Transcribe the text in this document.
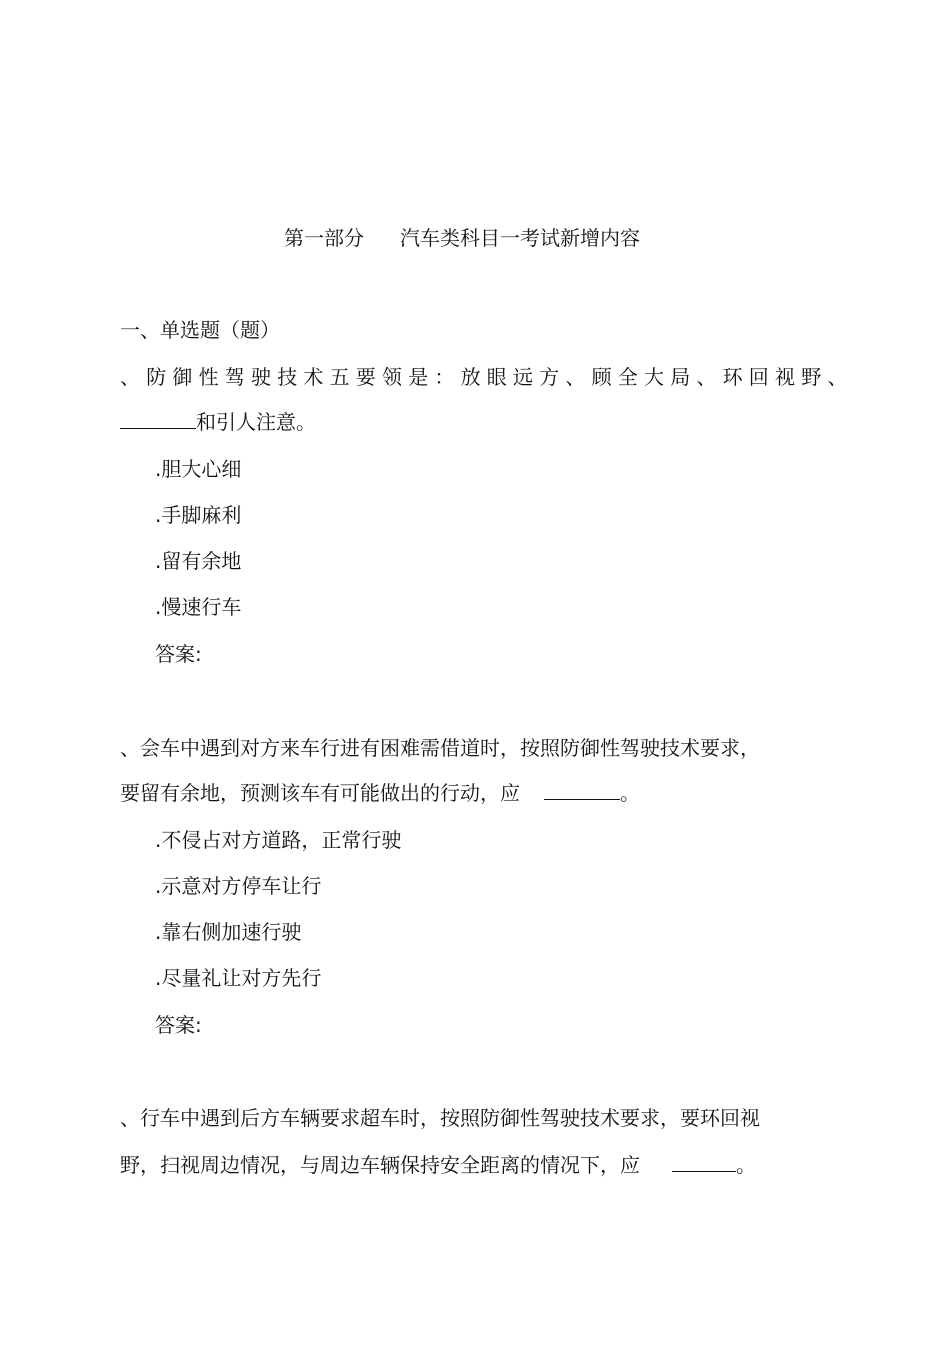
第一部分 汽车类科目一考试新增内容
一、单选题（题）
、防御性驾驶技术五要领是：放眼远方、顾全大局、环回视野、
和引人注意。
.胆大心细
.手脚麻利
.留有余地
.慢速行车
答案:
、会车中遇到对方来车行进有困难需借道时，按照防御性驾驶技术要求，
要留有余地，预测该车有可能做出的行动，应	。
.不侵占对方道路，正常行驶
.示意对方停车让行
.靠右侧加速行驶
.尽量礼让对方先行
答案:
、行车中遇到后方车辆要求超车时，按照防御性驾驶技术要求，要环回视
野，扫视周边情况，与周边车辆保持安全距离的情况下，应	。
